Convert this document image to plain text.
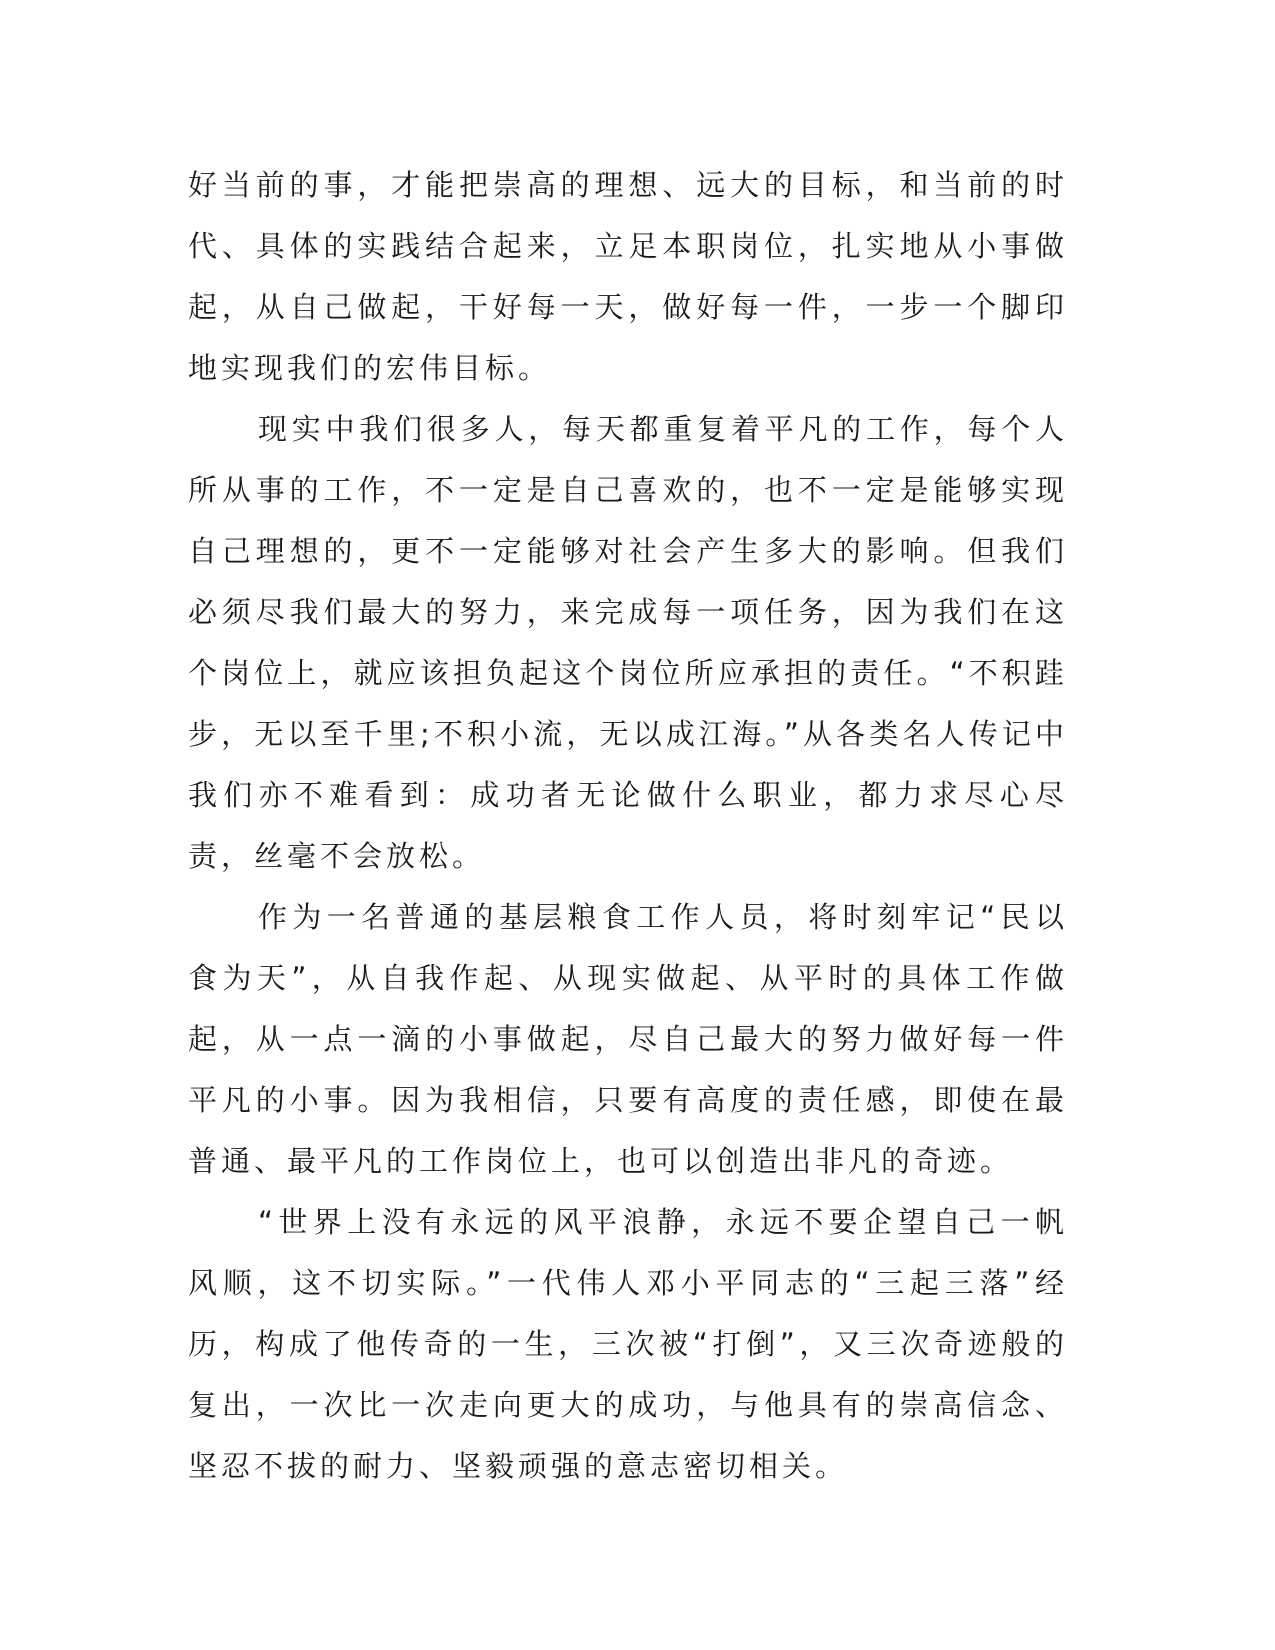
好当前的事，才能把崇高的理想、远大的目标，和当前的时代、具体的实践结合起来，立足本职岗位，扎实地从小事做起，从自己做起，干好每一天，做好每一件，一步一个脚印地实现我们的宏伟目标。

现实中我们很多人，每天都重复着平凡的工作，每个人所从事的工作，不一定是自己喜欢的，也不一定是能够实现自己理想的，更不一定能够对社会产生多大的影响。但我们必须尽我们最大的努力，来完成每一项任务，因为我们在这个岗位上，就应该担负起这个岗位所应承担的责任。“不积跬步，无以至千里;不积小流，无以成江海。”从各类名人传记中我们亦不难看到：成功者无论做什么职业，都力求尽心尽责，丝毫不会放松。

作为一名普通的基层粮食工作人员，将时刻牢记“民以食为天”，从自我作起、从现实做起、从平时的具体工作做起，从一点一滴的小事做起，尽自己最大的努力做好每一件平凡的小事。因为我相信，只要有高度的责任感，即使在最普通、最平凡的工作岗位上，也可以创造出非凡的奇迹。

“世界上没有永远的风平浪静，永远不要企望自己一帆风顺，这不切实际。”一代伟人邓小平同志的“三起三落”经历，构成了他传奇的一生，三次被“打倒”，又三次奇迹般的复出，一次比一次走向更大的成功，与他具有的崇高信念、坚忍不拔的耐力、坚毅顽强的意志密切相关。
